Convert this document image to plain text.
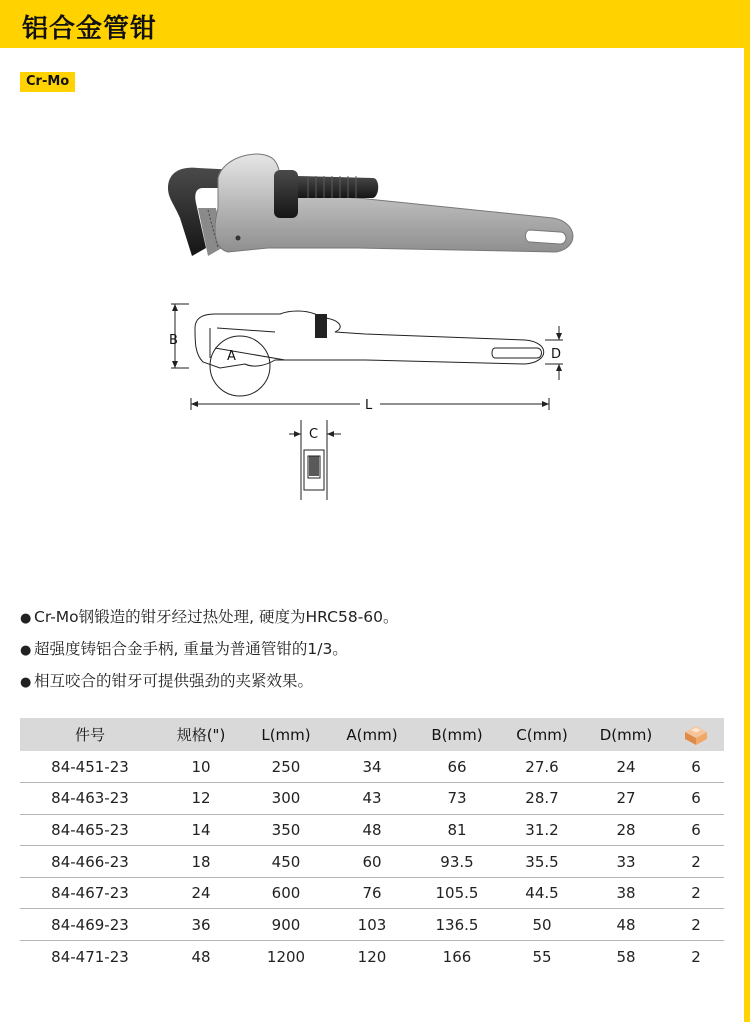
铝合金管钳
Cr-Mo
B
A	D
L
C
● Cr-Mo钢锻造的钳牙经过热处理, 硬度为HRC58-60。
● 超强度铸铝合金手柄, 重量为普通管钳的1/3。
● 相互咬合的钳牙可提供强劲的夹紧效果。
件号	规格(")	L(mm)	A(mm)	B(mm)	C(mm)	D(mm)	
84-451-23	10	250	34	66	27.6	24	6
84-463-23	12	300	43	73	28.7	27	6
84-465-23	14	350	48	81	31.2	28	6
84-466-23	18	450	60	93.5	35.5	33	2
84-467-23	24	600	76	105.5	44.5	38	2
84-469-23	36	900	103	136.5	50	48	2
84-471-23	48	1200	120	166	55	58	2
